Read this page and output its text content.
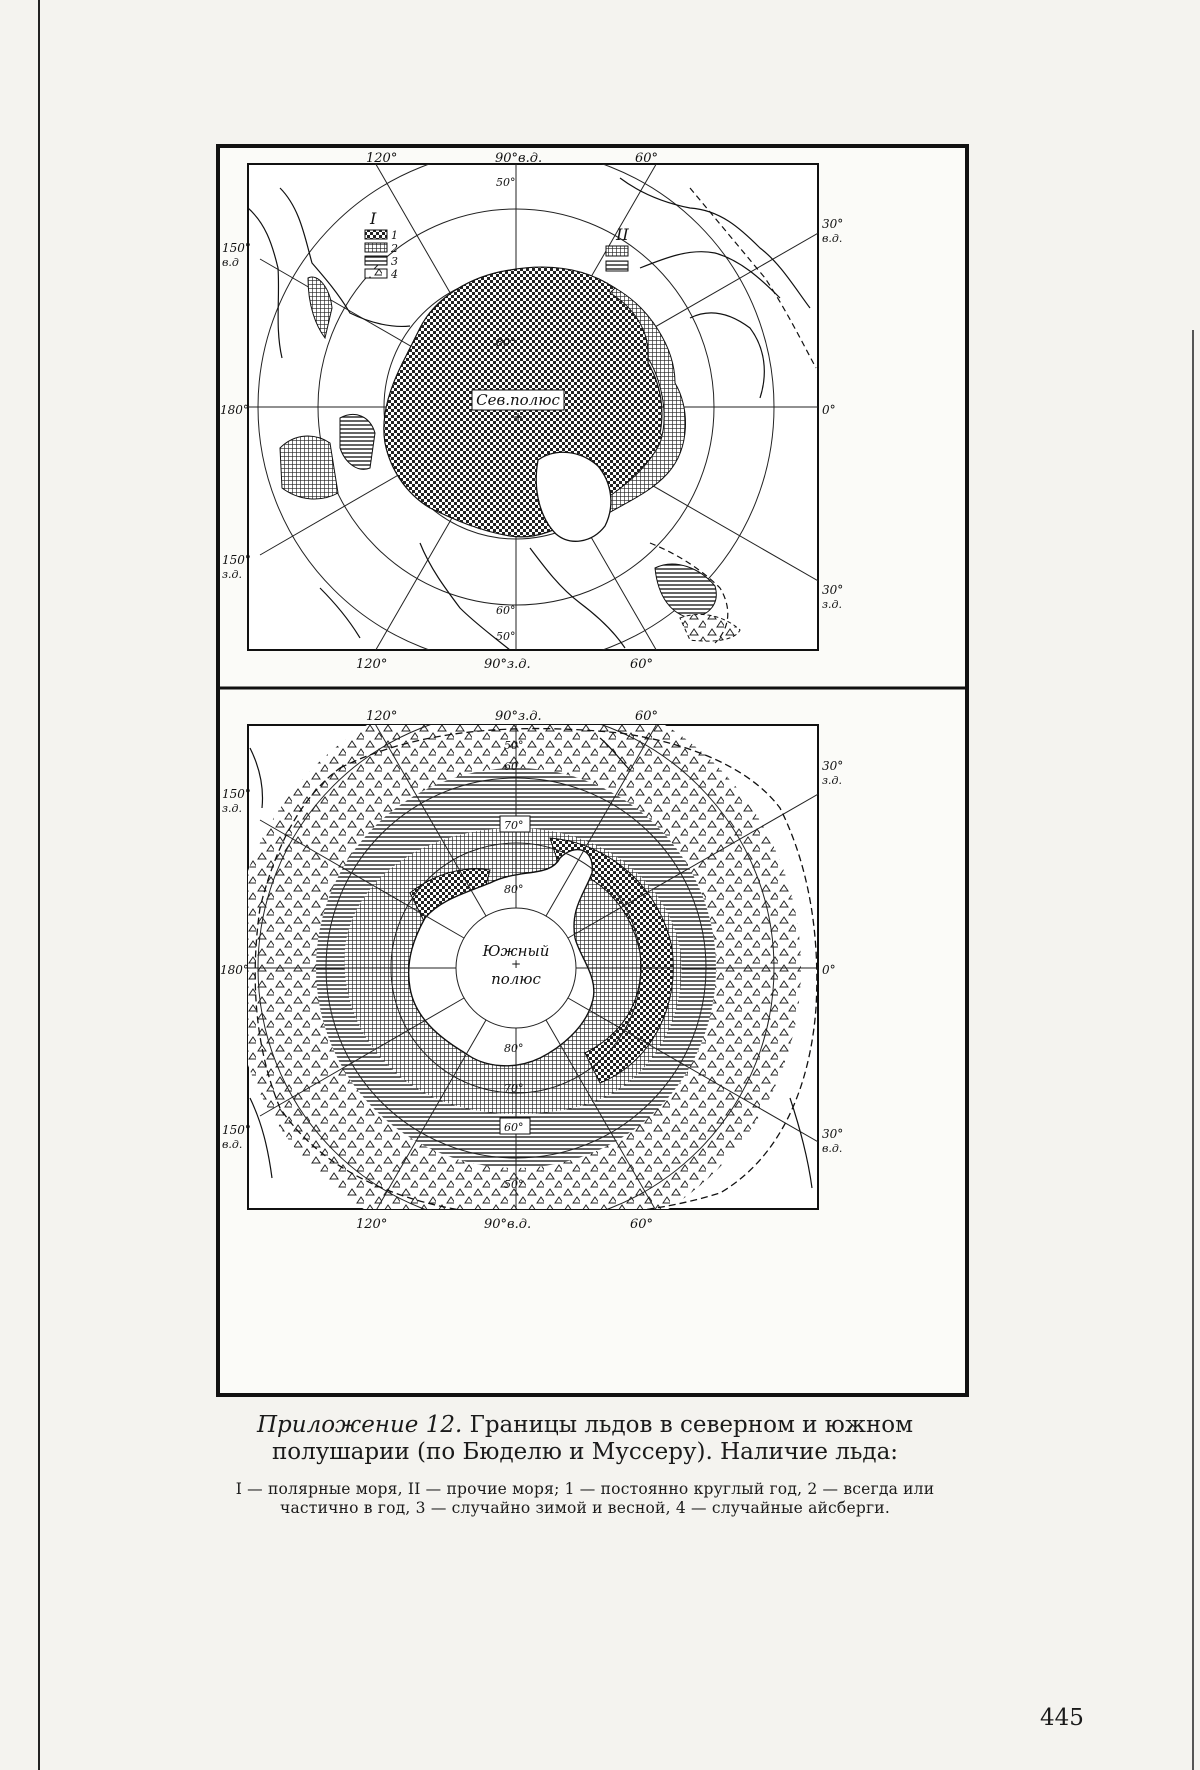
Сев.полюс
+
I
1
2
3
4
II
50°
80°
60°
50°
120°	90°в.д.	60°
120°	90°з.д.	60°
150°
в.д
180°
150°
з.д.
30°
в.д.
0°
30°
з.д.
50°
60
70°
80°
80°
70°
60°
50°
Южный
+
полюс
120°	90°з.д.	60°
120°	90°в.д.	60°
150°
з.д.
180°
150°
в.д.
30°
з.д.
0°
30°
в.д.
Приложение 12. Границы льдов в северном и южном полушарии (по Бюделю и Муссеру). Наличие льда:
I — полярные моря, II — прочие моря; 1 — постоянно круглый год, 2 — всегда или частично в год, 3 — случайно зимой и весной, 4 — случайные айсберги.
445
